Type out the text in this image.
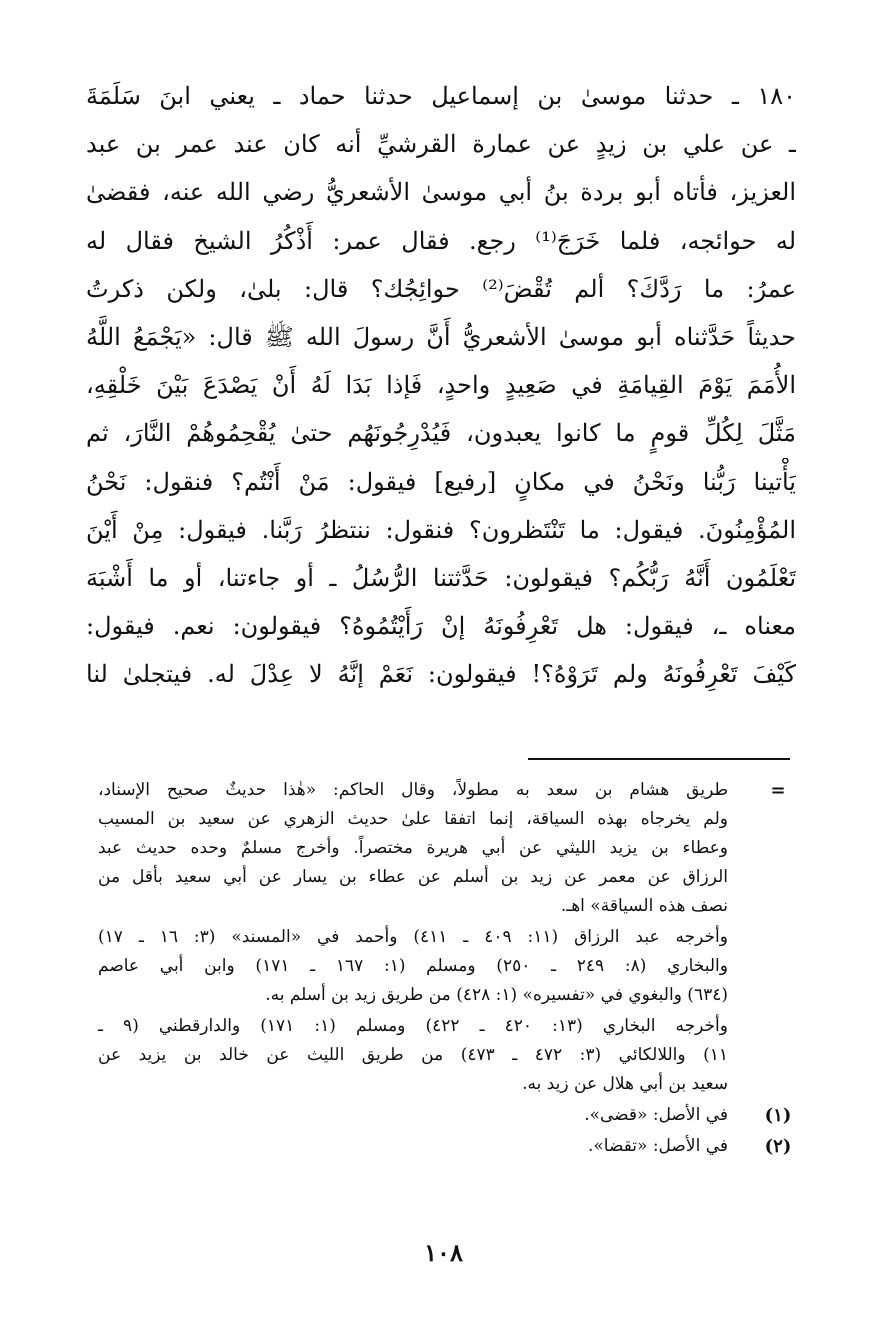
١٨٠ ـ حدثنا موسىٰ بن إسماعيل حدثنا حماد ـ يعني ابنَ سَلَمَةَ
ـ عن علي بن زيدٍ عن عمارة القرشيِّ أنه كان عند عمر بن عبد
العزيز، فأتاه أبو بردة بنُ أبي موسىٰ الأشعريُّ رضي الله عنه، فقضىٰ
له حوائجه، فلما خَرَجَ⁽¹⁾ رجع. فقال عمر: أَذْكُرُ الشيخ فقال له
عمرُ: ما رَدَّكَ؟ ألم تُقْضَ⁽²⁾ حوائِجُك؟ قال: بلىٰ، ولكن ذكرتُ
حديثاً حَدَّثناه أبو موسىٰ الأشعريُّ أَنَّ رسولَ الله ﷺ قال: «يَجْمَعُ اللَّهُ
الأُمَمَ يَوْمَ القِيامَةِ في صَعِيدٍ واحدٍ، فَإذا بَدَا لَهُ أَنْ يَصْدَعَ بَيْنَ خَلْقِهِ،
مَثَّلَ لِكُلِّ قومٍ ما كانوا يعبدون، فَيُدْرِجُونَهُم حتىٰ يُقْحِمُوهُمْ النَّارَ، ثم
يَأْتينا رَبُّنا ونَحْنُ في مكانٍ [رفيع] فيقول: مَنْ أَنْتُم؟ فنقول: نَحْنُ
المُؤْمِنُونَ. فيقول: ما تَنْتَظرون؟ فنقول: ننتظرُ رَبَّنا. فيقول: مِنْ أَيْنَ
تَعْلَمُون أَنَّهُ رَبُّكُم؟ فيقولون: حَدَّثتنا الرُّسُلُ ـ أو جاءتنا، أو ما أَشْبَهَ
معناه ـ، فيقول: هل تَعْرِفُونَهُ إنْ رَأَيْتُمُوهُ؟ فيقولون: نعم. فيقول:
كَيْفَ تَعْرِفُونَهُ ولم تَرَوْهُ؟! فيقولون: نَعَمْ إنَّهُ لا عِدْلَ له. فيتجلىٰ لنا
=
طريق هشام بن سعد به مطولاً، وقال الحاكم: «هٰذا حديثٌ صحيح الإسناد،
ولم يخرجاه بهذه السياقة، إنما اتفقا علىٰ حديث الزهري عن سعيد بن المسيب
وعطاء بن يزيد الليثي عن أبي هريرة مختصراً. وأخرج مسلمٌ وحده حديث عبد
الرزاق عن معمر عن زيد بن أسلم عن عطاء بن يسار عن أبي سعيد بأقل من
نصف هذه السياقة» اهـ.
وأخرجه عبد الرزاق (١١: ٤٠٩ ـ ٤١١) وأحمد في «المسند» (٣: ١٦ ـ ١٧)
والبخاري (٨: ٢٤٩ ـ ٢٥٠) ومسلم (١: ١٦٧ ـ ١٧١) وابن أبي عاصم
(٦٣٤) والبغوي في «تفسيره» (١: ٤٢٨) من طريق زيد بن أسلم به.
وأخرجه البخاري (١٣: ٤٢٠ ـ ٤٢٢) ومسلم (١: ١٧١) والدارقطني (٩ ـ
١١) واللالكائي (٣: ٤٧٢ ـ ٤٧٣) من طريق الليث عن خالد بن يزيد عن
سعيد بن أبي هلال عن زيد به.
(١)
في الأصل: «قضى».
(٢)
في الأصل: «تقضا».
١٠٨
